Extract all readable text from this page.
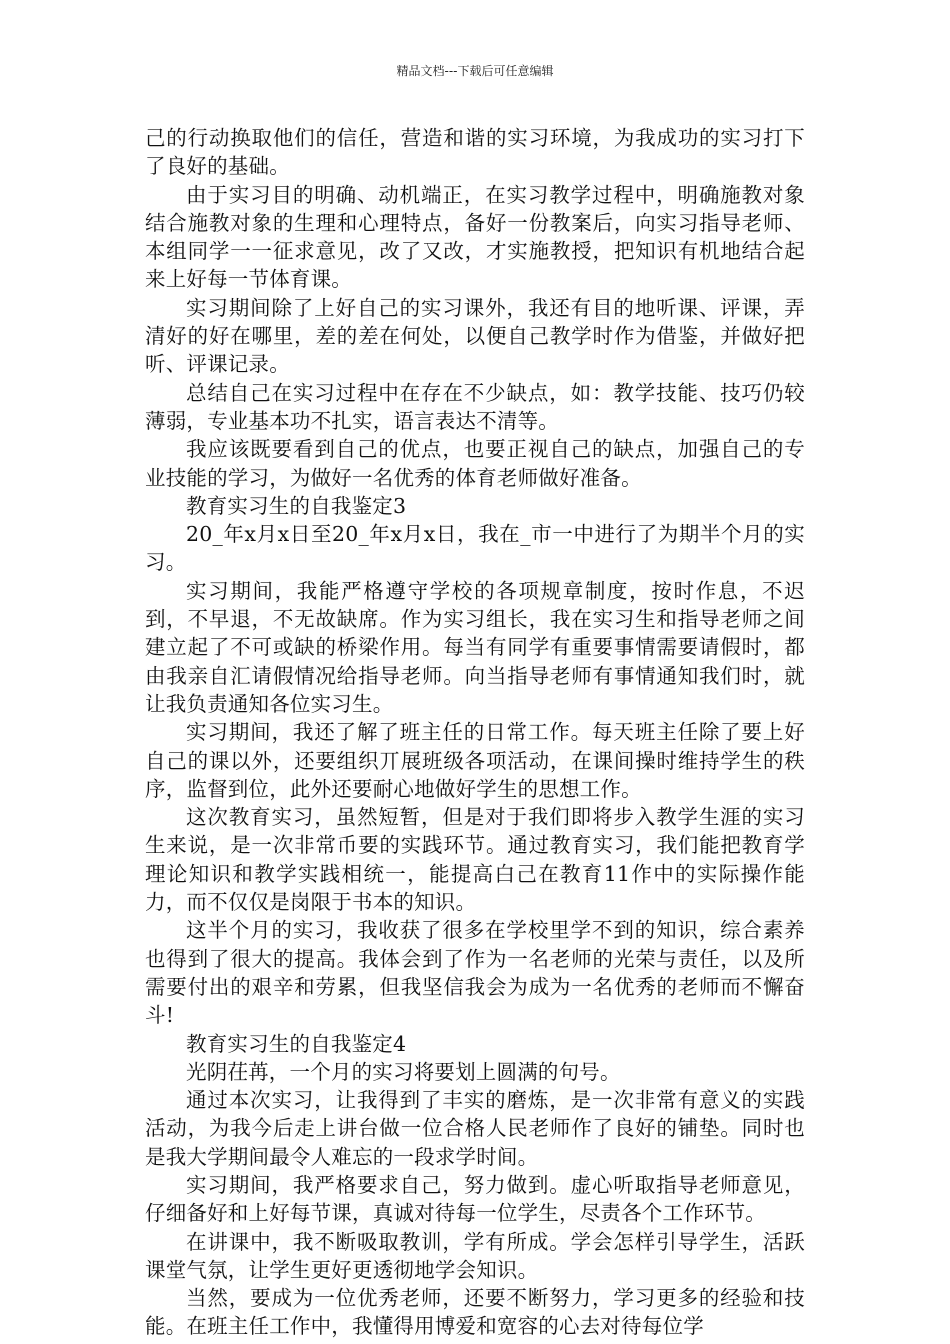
精品文档---下载后可任意编辑

己的行动换取他们的信任，营造和谐的实习环境，为我成功的实习打下了良好的基础。

由于实习目的明确、动机端正，在实习教学过程中，明确施教对象结合施教对象的生理和心理特点，备好一份教案后，向实习指导老师、本组同学一一征求意见，改了又改，才实施教授，把知识有机地结合起来上好每一节体育课。

实习期间除了上好自己的实习课外，我还有目的地听课、评课，弄清好的好在哪里，差的差在何处，以便自己教学时作为借鉴，并做好把听、评课记录。

总结自己在实习过程中在存在不少缺点，如：教学技能、技巧仍较薄弱，专业基本功不扎实，语言表达不清等。

我应该既要看到自己的优点，也要正视自己的缺点，加强自己的专业技能的学习，为做好一名优秀的体育老师做好准备。

教育实习生的自我鉴定3

20_年x月x日至20_年x月x日，我在_市一中进行了为期半个月的实习。

实习期间，我能严格遵守学校的各项规章制度，按时作息，不迟到，不早退，不无故缺席。作为实习组长，我在实习生和指导老师之间建立起了不可或缺的桥梁作用。每当有同学有重要事情需要请假时，都由我亲自汇请假情况给指导老师。向当指导老师有事情通知我们时，就让我负责通知各位实习生。

实习期间，我还了解了班主任的日常工作。每天班主任除了要上好自己的课以外，还要组织丌展班级各项活动，在课间操时维持学生的秩序，监督到位，此外还要耐心地做好学生的思想工作。

这次教育实习，虽然短暂，但是对于我们即将步入教学生涯的实习生来说，是一次非常币要的实践环节。通过教育实习，我们能把教育学理论知识和教学实践相统一，能提高白己在教育11作中的实际操作能力，而不仅仅是岗限于书本的知识。

这半个月的实习，我收获了很多在学校里学不到的知识，综合素养也得到了很大的提高。我体会到了作为一名老师的光荣与责任，以及所需要付出的艰辛和劳累，但我坚信我会为成为一名优秀的老师而不懈奋斗!

教育实习生的自我鉴定4

光阴茌苒，一个月的实习将要划上圆满的句号。

通过本次实习，让我得到了丰实的磨炼，是一次非常有意义的实践活动，为我今后走上讲台做一位合格人民老师作了良好的铺垫。同时也是我大学期间最令人难忘的一段求学时间。

实习期间，我严格要求自己，努力做到。虚心听取指导老师意见，仔细备好和上好每节课，真诚对待每一位学生，尽责各个工作环节。

在讲课中，我不断吸取教训，学有所成。学会怎样引导学生，活跃课堂气氛，让学生更好更透彻地学会知识。

当然，要成为一位优秀老师，还要不断努力，学习更多的经验和技能。在班主任工作中，我懂得用博爱和宽容的心去对待每位学
